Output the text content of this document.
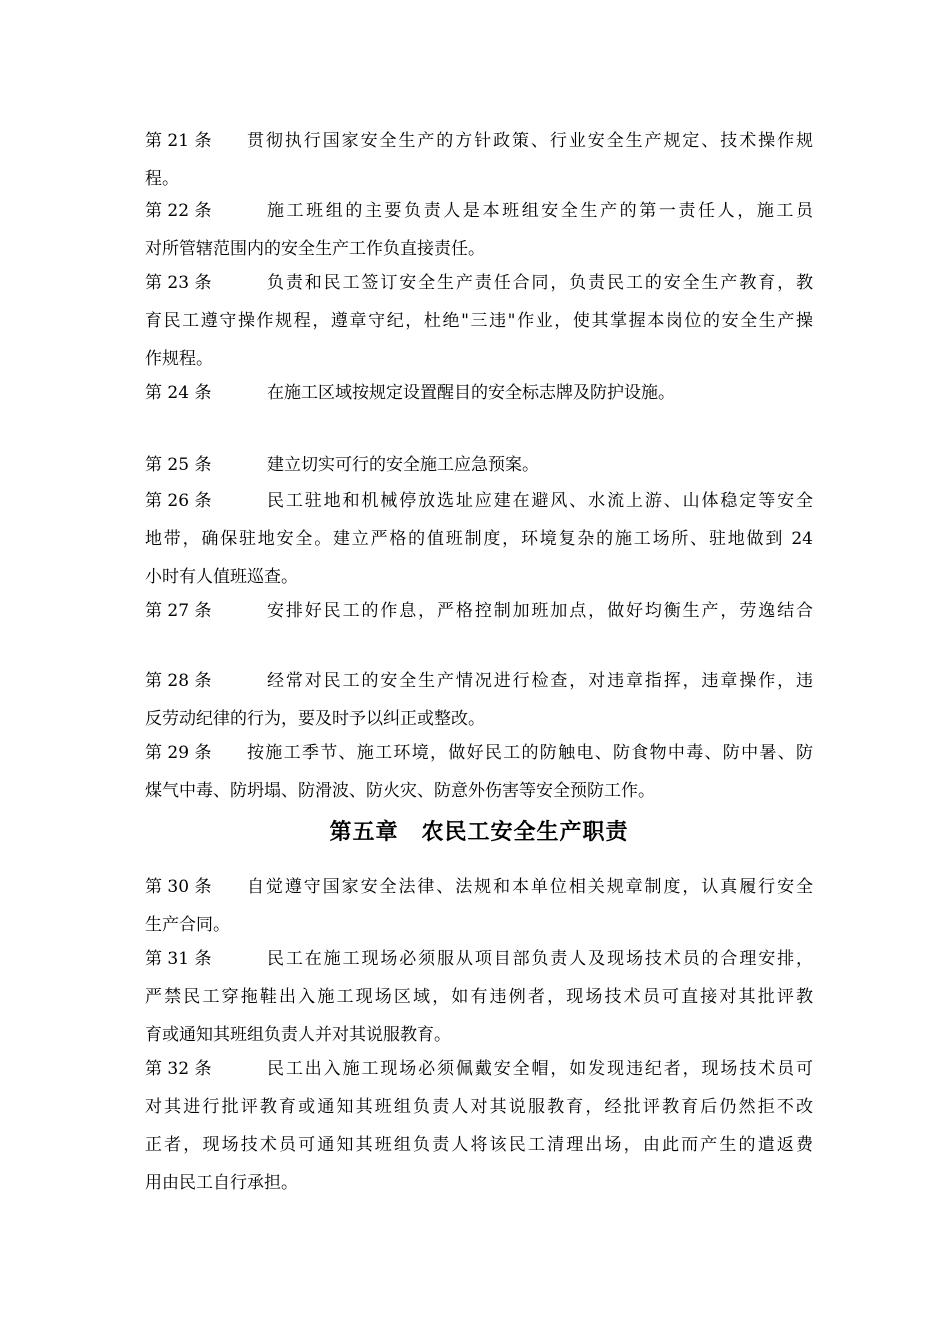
第 21 条 贯彻执行国家安全生产的方针政策、行业安全生产规定、技术操作规
程。
第 22 条	施工班组的主要负责人是本班组安全生产的第一责任人，施工员
对所管辖范围内的安全生产工作负直接责任。
第 23 条	负责和民工签订安全生产责任合同，负责民工的安全生产教育，教
育民工遵守操作规程，遵章守纪，杜绝"三违"作业，使其掌握本岗位的安全生产操
作规程。
第 24 条	在施工区域按规定设置醒目的安全标志牌及防护设施。
第 25 条	建立切实可行的安全施工应急预案。
第 26 条	民工驻地和机械停放选址应建在避风、水流上游、山体稳定等安全
地带，确保驻地安全。建立严格的值班制度，环境复杂的施工场所、驻地做到 24
小时有人值班巡查。
第 27 条	安排好民工的作息，严格控制加班加点，做好均衡生产，劳逸结合
第 28 条	经常对民工的安全生产情况进行检查，对违章指挥，违章操作，违
反劳动纪律的行为，要及时予以纠正或整改。
第 29 条 按施工季节、施工环境，做好民工的防触电、防食物中毒、防中暑、防
煤气中毒、防坍塌、防滑波、防火灾、防意外伤害等安全预防工作。
第五章　农民工安全生产职责
第 30 条 自觉遵守国家安全法律、法规和本单位相关规章制度，认真履行安全
生产合同。
第 31 条	民工在施工现场必须服从项目部负责人及现场技术员的合理安排，
严禁民工穿拖鞋出入施工现场区域，如有违例者，现场技术员可直接对其批评教
育或通知其班组负责人并对其说服教育。
第 32 条	民工出入施工现场必须佩戴安全帽，如发现违纪者，现场技术员可
对其进行批评教育或通知其班组负责人对其说服教育，经批评教育后仍然拒不改
正者，现场技术员可通知其班组负责人将该民工清理出场，由此而产生的遣返费
用由民工自行承担。
